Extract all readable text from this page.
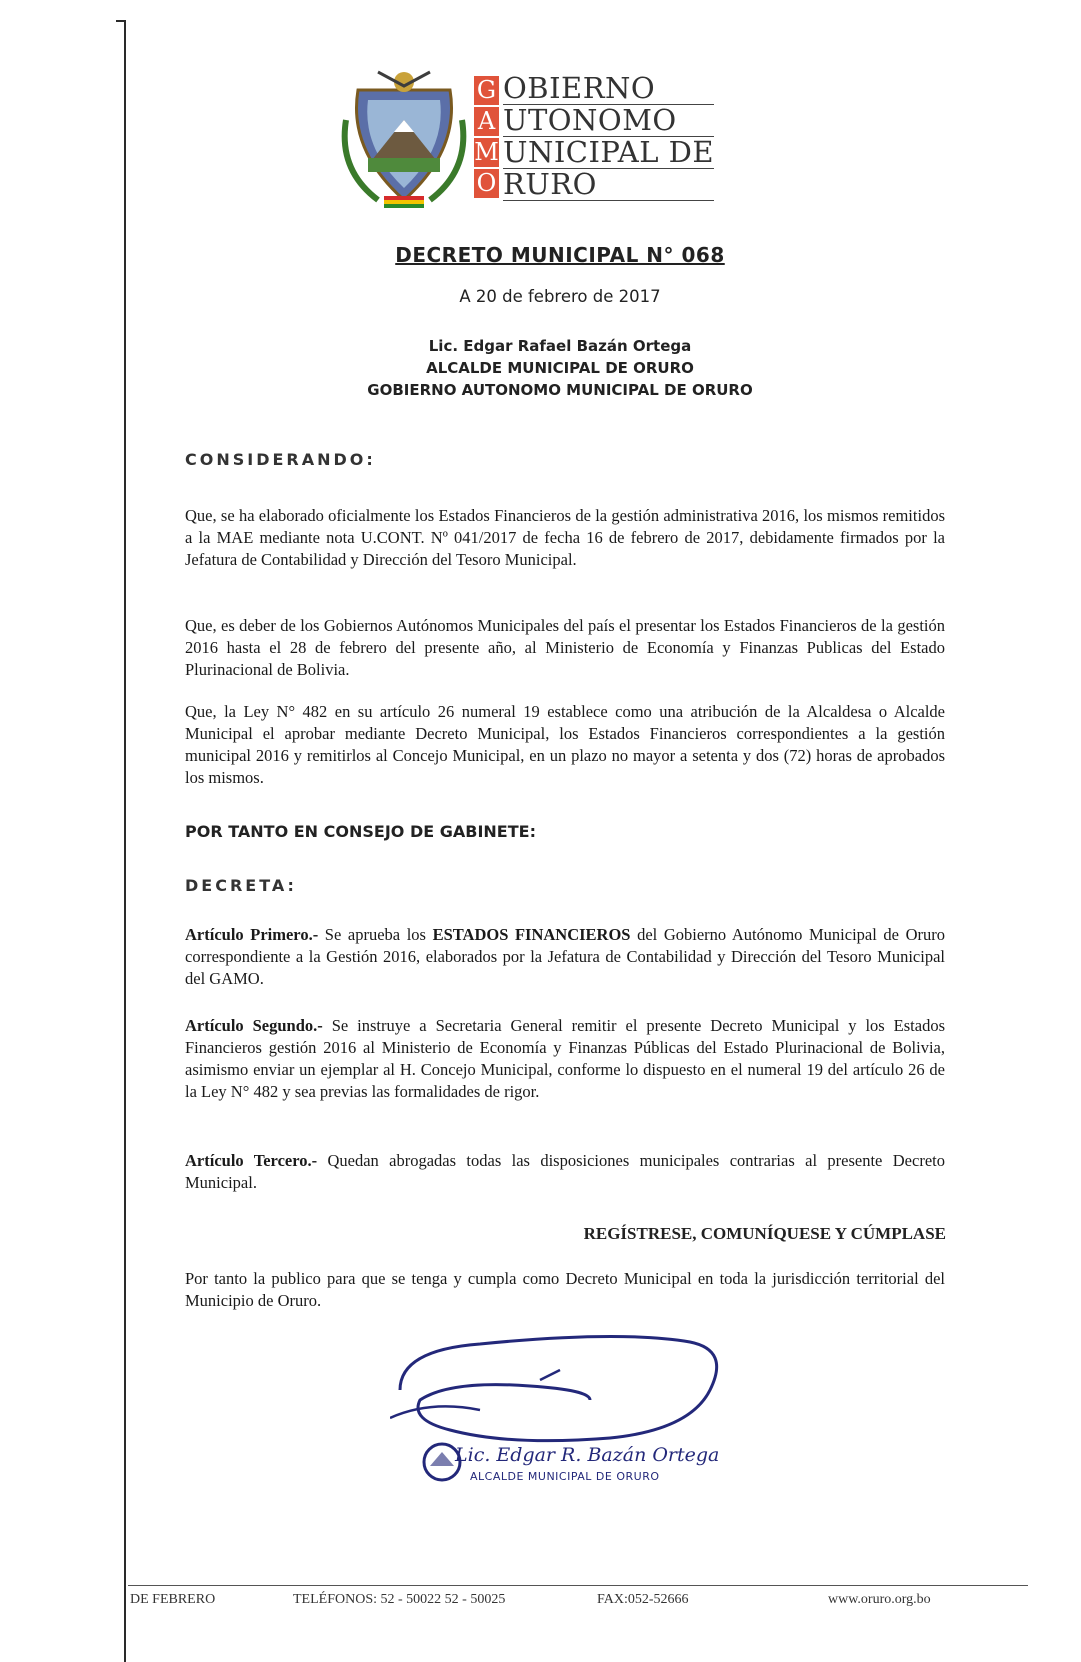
G
A
M
O
OBIERNO
UTONOMO
UNICIPAL DE
RURO
DECRETO MUNICIPAL N° 068
A 20 de febrero de 2017
Lic. Edgar Rafael Bazán Ortega
ALCALDE MUNICIPAL DE ORURO
GOBIERNO AUTONOMO MUNICIPAL DE ORURO
CONSIDERANDO:
Que, se ha elaborado oficialmente los Estados Financieros de la gestión administrativa 2016, los mismos remitidos a la MAE mediante nota U.CONT. Nº 041/2017 de fecha 16 de febrero de 2017, debidamente firmados por la Jefatura de Contabilidad y Dirección del Tesoro Municipal.
Que, es deber de los Gobiernos Autónomos Municipales del país el presentar los Estados Financieros de la gestión 2016 hasta el 28 de febrero del presente año, al Ministerio de Economía y Finanzas Publicas del Estado Plurinacional de Bolivia.
Que, la Ley N° 482 en su artículo 26 numeral 19 establece como una atribución de la Alcaldesa o Alcalde Municipal el aprobar mediante Decreto Municipal, los Estados Financieros correspondientes a la gestión municipal 2016 y remitirlos al Concejo Municipal, en un plazo no mayor a setenta y dos (72) horas de aprobados los mismos.
POR TANTO EN CONSEJO DE GABINETE:
DECRETA:
Artículo Primero.- Se aprueba los ESTADOS FINANCIEROS del Gobierno Autónomo Municipal de Oruro correspondiente a la Gestión 2016, elaborados por la Jefatura de Contabilidad y Dirección del Tesoro Municipal del GAMO.
Artículo Segundo.- Se instruye a Secretaria General remitir el presente Decreto Municipal y los Estados Financieros gestión 2016 al Ministerio de Economía y Finanzas Públicas del Estado Plurinacional de Bolivia, asimismo enviar un ejemplar al H. Concejo Municipal, conforme lo dispuesto en el numeral 19 del artículo 26 de la Ley N° 482 y sea previas las formalidades de rigor.
Artículo Tercero.- Quedan abrogadas todas las disposiciones municipales contrarias al presente Decreto Municipal.
REGÍSTRESE, COMUNÍQUESE Y CÚMPLASE
Por tanto la publico para que se tenga y cumpla como Decreto Municipal en toda la jurisdicción territorial del Municipio de Oruro.
Lic. Edgar R. Bazán Ortega
ALCALDE MUNICIPAL DE ORURO
DE FEBRERO	TELÉFONOS: 52 - 50022 52 - 50025	FAX:052-52666	www.oruro.org.bo
